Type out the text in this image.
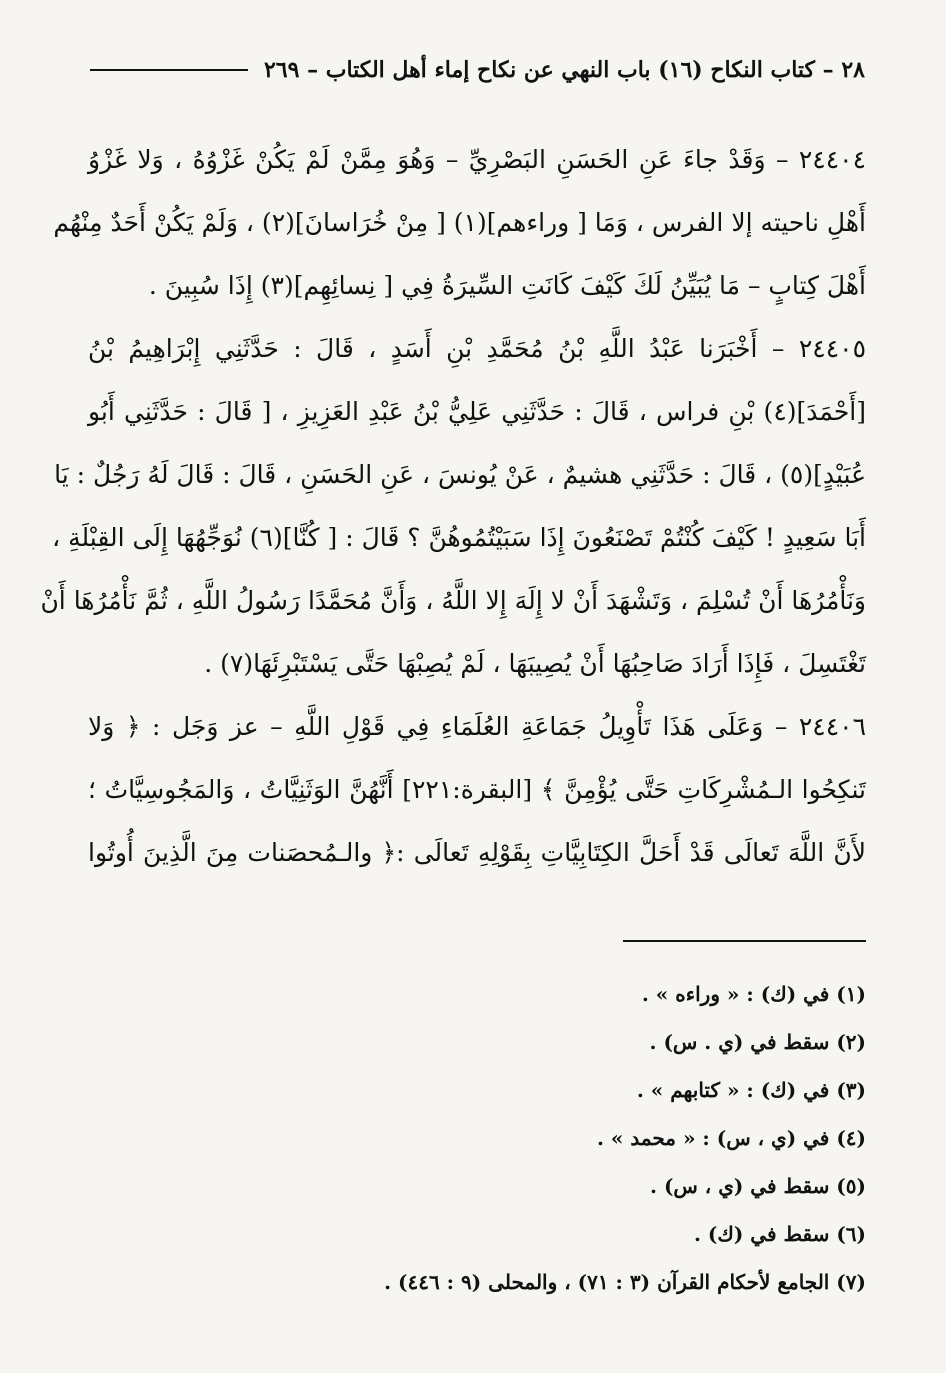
٢٨ – كتاب النكاح (١٦) باب النهي عن نكاح إماء أهل الكتاب – ٢٦٩
٢٤٤٠٤ – وَقَدْ جاءَ عَنِ الحَسَنِ البَصْرِيِّ – وَهُوَ مِمَّنْ لَمْ يَكُنْ غَزْوُهُ ، وَلا غَزْوُ
أَهْلِ ناحيته إلا الفرس ، وَمَا [ وراءهم](١) [ مِنْ خُرَاسانَ](٢) ، وَلَمْ يَكُنْ أَحَدٌ مِنْهُم
أَهْلَ كِتابٍ – مَا يُبَيِّنُ لَكَ كَيْفَ كَانَتِ السِّيرَةُ فِي [ نِسائِهِم](٣) إِذَا سُبِينَ .
٢٤٤٠٥ – أَخْبَرَنا عَبْدُ اللَّهِ بْنُ مُحَمَّدِ بْنِ أَسَدٍ ، قَالَ : حَدَّثَنِي إِبْرَاهِيمُ بْنُ
[أَحْمَدَ](٤) بْنِ فراس ، قَالَ : حَدَّثَنِي عَلِيُّ بْنُ عَبْدِ العَزِيزِ ، [ قَالَ : حَدَّثَنِي أَبُو
عُبَيْدٍ](٥) ، قَالَ : حَدَّثَنِي هشيمٌ ، عَنْ يُونسَ ، عَنِ الحَسَنِ ، قَالَ : قَالَ لَهُ رَجُلٌ : يَا
أَبَا سَعِيدٍ ! كَيْفَ كُنْتُمْ تَصْنَعُونَ إِذَا سَبَيْتُمُوهُنَّ ؟ قَالَ : [ كُنَّا](٦) نُوَجِّهُهَا إِلَى القِبْلَةِ ،
وَنَأْمُرُهَا أَنْ تُسْلِمَ ، وَتَشْهَدَ أَنْ لا إِلَهَ إِلا اللَّهُ ، وَأَنَّ مُحَمَّدًا رَسُولُ اللَّهِ ، ثُمَّ نَأْمُرُهَا أَنْ
تَغْتَسِلَ ، فَإِذَا أَرَادَ صَاحِبُهَا أَنْ يُصِيبَهَا ، لَمْ يُصِبْهَا حَتَّى يَسْتَبْرِئَهَا(٧) .
٢٤٤٠٦ – وَعَلَى هَذَا تَأْوِيلُ جَمَاعَةِ العُلَمَاءِ فِي قَوْلِ اللَّهِ – عز وَجَل : ﴿ وَلا
تَنكِحُوا الـمُشْرِكَاتِ حَتَّى يُؤْمِنَّ ﴾ [البقرة:٢٢١] أَنَّهُنَّ الوَثَنِيَّاتُ ، وَالمَجُوسِيَّاتُ ؛
لأَنَّ اللَّهَ تَعالَى قَدْ أَحَلَّ الكِتَابِيَّاتِ بِقَوْلِهِ تَعالَى :﴿ والـمُحصَنات مِنَ الَّذِينَ أُوتُوا
(١) في (ك) : « وراءه » .
(٢) سقط في (ي . س) .
(٣) في (ك) : « كتابهم » .
(٤) في (ي ، س) : « محمد » .
(٥) سقط في (ي ، س) .
(٦) سقط في (ك) .
(٧) الجامع لأحكام القرآن (٣ : ٧١) ، والمحلى (٩ : ٤٤٦) .
